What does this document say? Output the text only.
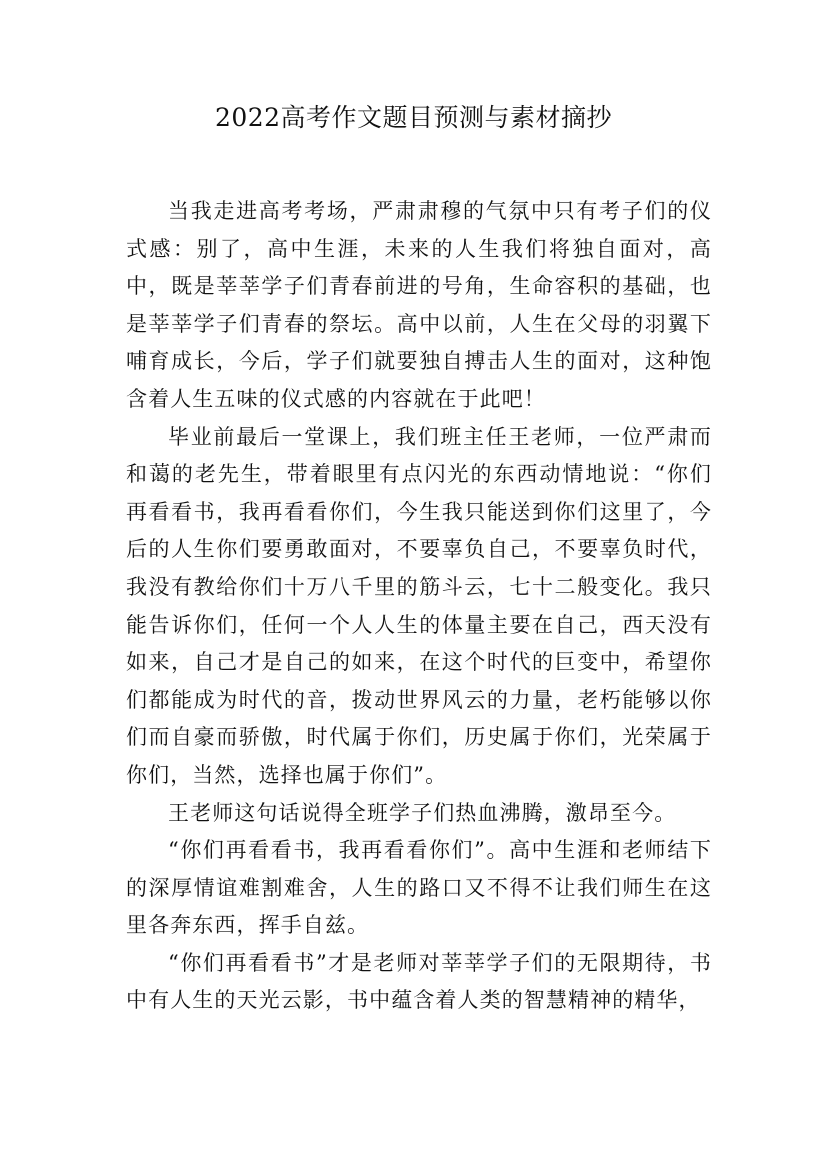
2022高考作文题目预测与素材摘抄

当我走进高考考场，严肃肃穆的气氛中只有考子们的仪式感：别了，高中生涯，未来的人生我们将独自面对，高中，既是莘莘学子们青春前进的号角，生命容积的基础，也是莘莘学子们青春的祭坛。高中以前，人生在父母的羽翼下哺育成长，今后，学子们就要独自搏击人生的面对，这种饱含着人生五味的仪式感的内容就在于此吧！

毕业前最后一堂课上，我们班主任王老师，一位严肃而和蔼的老先生，带着眼里有点闪光的东西动情地说：“你们再看看书，我再看看你们，今生我只能送到你们这里了，今后的人生你们要勇敢面对，不要辜负自己，不要辜负时代，我没有教给你们十万八千里的筋斗云，七十二般变化。我只能告诉你们，任何一个人人生的体量主要在自己，西天没有如来，自己才是自己的如来，在这个时代的巨变中，希望你们都能成为时代的音，拨动世界风云的力量，老朽能够以你们而自豪而骄傲，时代属于你们，历史属于你们，光荣属于你们，当然，选择也属于你们”。

王老师这句话说得全班学子们热血沸腾，激昂至今。

“你们再看看书，我再看看你们”。高中生涯和老师结下的深厚情谊难割难舍，人生的路口又不得不让我们师生在这里各奔东西，挥手自兹。

“你们再看看书”才是老师对莘莘学子们的无限期待，书中有人生的天光云影，书中蕴含着人类的智慧精神的精华，
